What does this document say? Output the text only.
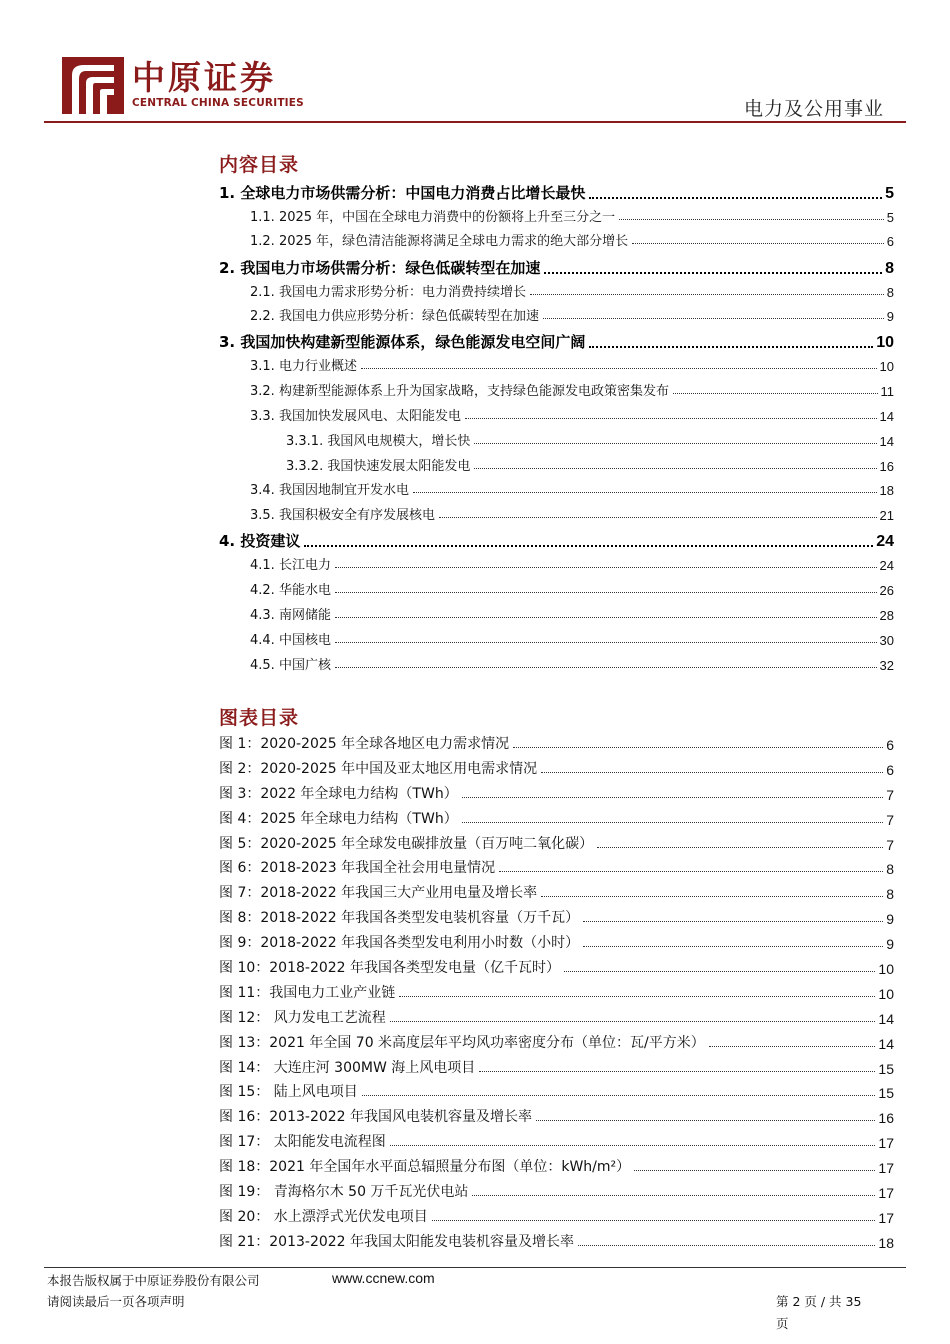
中原证券
CENTRAL CHINA SECURITIES	电力及公用事业
内容目录
1. 全球电力市场供需分析：中国电力消费占比增长最快	5
1.1. 2025 年，中国在全球电力消费中的份额将上升至三分之一	5
1.2. 2025 年，绿色清洁能源将满足全球电力需求的绝大部分增长	6
2. 我国电力市场供需分析：绿色低碳转型在加速	8
2.1. 我国电力需求形势分析：电力消费持续增长	8
2.2. 我国电力供应形势分析：绿色低碳转型在加速	9
3. 我国加快构建新型能源体系，绿色能源发电空间广阔	10
3.1. 电力行业概述	10
3.2. 构建新型能源体系上升为国家战略，支持绿色能源发电政策密集发布	11
3.3. 我国加快发展风电、太阳能发电	14
3.3.1. 我国风电规模大，增长快	14
3.3.2. 我国快速发展太阳能发电	16
3.4. 我国因地制宜开发水电	18
3.5. 我国积极安全有序发展核电	21
4. 投资建议	24
4.1. 长江电力	24
4.2. 华能水电	26
4.3. 南网储能	28
4.4. 中国核电	30
4.5. 中国广核	32
图表目录
图 1：2020-2025 年全球各地区电力需求情况	6
图 2：2020-2025 年中国及亚太地区用电需求情况	6
图 3：2022 年全球电力结构（TWh）	7
图 4：2025 年全球电力结构（TWh）	7
图 5：2020-2025 年全球发电碳排放量（百万吨二氧化碳）	7
图 6：2018-2023 年我国全社会用电量情况	8
图 7：2018-2022 年我国三大产业用电量及增长率	8
图 8：2018-2022 年我国各类型发电装机容量（万千瓦）	9
图 9：2018-2022 年我国各类型发电利用小时数（小时）	9
图 10：2018-2022 年我国各类型发电量（亿千瓦时）	10
图 11：我国电力工业产业链	10
图 12： 风力发电工艺流程	14
图 13：2021 年全国 70 米高度层年平均风功率密度分布（单位：瓦/平方米）	14
图 14： 大连庄河 300MW 海上风电项目	15
图 15： 陆上风电项目	15
图 16：2013-2022 年我国风电装机容量及增长率	16
图 17： 太阳能发电流程图	17
图 18：2021 年全国年水平面总辐照量分布图（单位：kWh/m²）	17
图 19： 青海格尔木 50 万千瓦光伏电站	17
图 20： 水上漂浮式光伏发电项目	17
图 21：2013-2022 年我国太阳能发电装机容量及增长率	18
本报告版权属于中原证券股份有限公司	www.ccnew.com
请阅读最后一页各项声明	第 2 页 / 共 35
页
